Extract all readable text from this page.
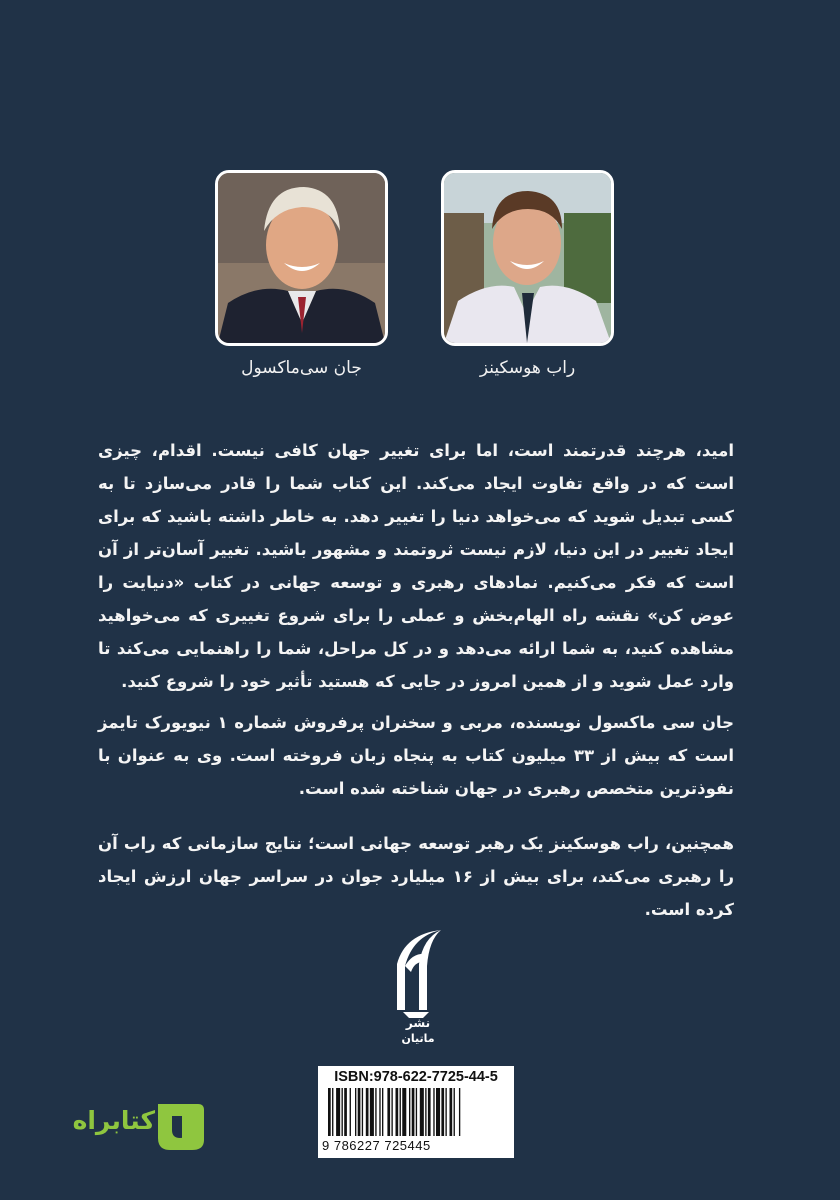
جان سی‌ماکسول	راب هوسکینز
امید، هرچند قدرتمند است، اما برای تغییر جهان کافی نیست. اقدام، چیزی است که در واقع تفاوت ایجاد می‌کند. این کتاب شما را قادر می‌سازد تا به کسی تبدیل شوید که می‌خواهد دنیا را تغییر دهد. به خاطر داشته باشید که برای ایجاد تغییر در این دنیا، لازم نیست ثروتمند و مشهور باشید. تغییر آسان‌تر از آن است که فکر می‌کنیم. نمادهای رهبری و توسعه جهانی در کتاب «دنیایت را عوض کن» نقشه راه الهام‌بخش و عملی را برای شروع تغییری که می‌خواهید مشاهده کنید، به شما ارائه می‌دهد و در کل مراحل، شما را راهنمایی می‌کند تا وارد عمل شوید و از همین امروز در جایی که هستید تأثیر خود را شروع کنید.
جان سی ماکسول نویسنده، مربی و سخنران پرفروش شماره ۱ نیویورک تایمز است که بیش از ۳۳ میلیون کتاب به پنجاه زبان فروخته است. وی به عنوان با نفوذترین متخصص رهبری در جهان شناخته شده است.
همچنین، راب هوسکینز یک رهبر توسعه جهانی است؛ نتایج سازمانی که راب آن را رهبری می‌کند، برای بیش از ۱۶ میلیارد جوان در سراسر جهان ارزش ایجاد کرده است.
نشر
ماتیان
ISBN:978-622-7725-44-5
9 786227 725445
کتابراه
